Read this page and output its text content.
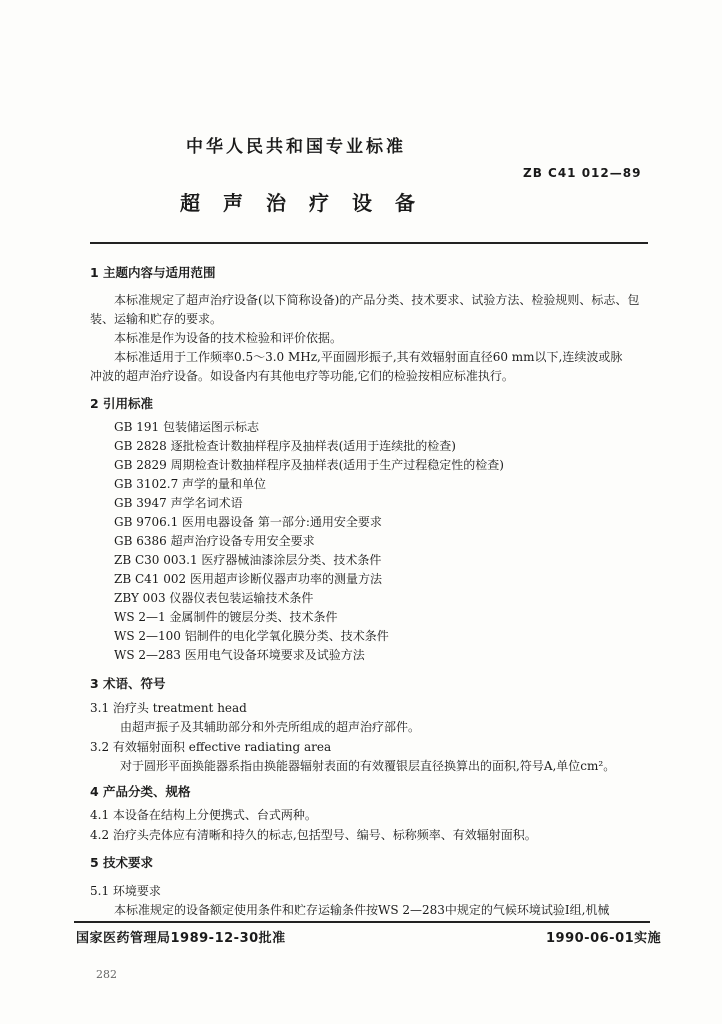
中华人民共和国专业标准
ZB C41 012—89
超声治疗设备
1 主题内容与适用范围
本标准规定了超声治疗设备(以下简称设备)的产品分类、技术要求、试验方法、检验规则、标志、包
装、运输和贮存的要求。
本标准是作为设备的技术检验和评价依据。
本标准适用于工作频率0.5～3.0 MHz,平面圆形振子,其有效辐射面直径60 mm以下,连续波或脉
冲波的超声治疗设备。如设备内有其他电疗等功能,它们的检验按相应标准执行。
2 引用标准
GB 191 包装储运图示标志
GB 2828 逐批检查计数抽样程序及抽样表(适用于连续批的检查)
GB 2829 周期检查计数抽样程序及抽样表(适用于生产过程稳定性的检查)
GB 3102.7 声学的量和单位
GB 3947 声学名词术语
GB 9706.1 医用电器设备 第一部分:通用安全要求
GB 6386 超声治疗设备专用安全要求
ZB C30 003.1 医疗器械油漆涂层分类、技术条件
ZB C41 002 医用超声诊断仪器声功率的测量方法
ZBY 003 仪器仪表包装运输技术条件
WS 2—1 金属制件的镀层分类、技术条件
WS 2—100 铝制件的电化学氧化膜分类、技术条件
WS 2—283 医用电气设备环境要求及试验方法
3 术语、符号
3.1 治疗头 treatment head
由超声振子及其辅助部分和外壳所组成的超声治疗部件。
3.2 有效辐射面积 effective radiating area
对于圆形平面换能器系指由换能器辐射表面的有效覆银层直径换算出的面积,符号A,单位cm²。
4 产品分类、规格
4.1 本设备在结构上分便携式、台式两种。
4.2 治疗头壳体应有清晰和持久的标志,包括型号、编号、标称频率、有效辐射面积。
5 技术要求
5.1 环境要求
本标准规定的设备额定使用条件和贮存运输条件按WS 2—283中规定的气候环境试验Ⅰ组,机械
国家医药管理局1989-12-30批准	1990-06-01实施
282
